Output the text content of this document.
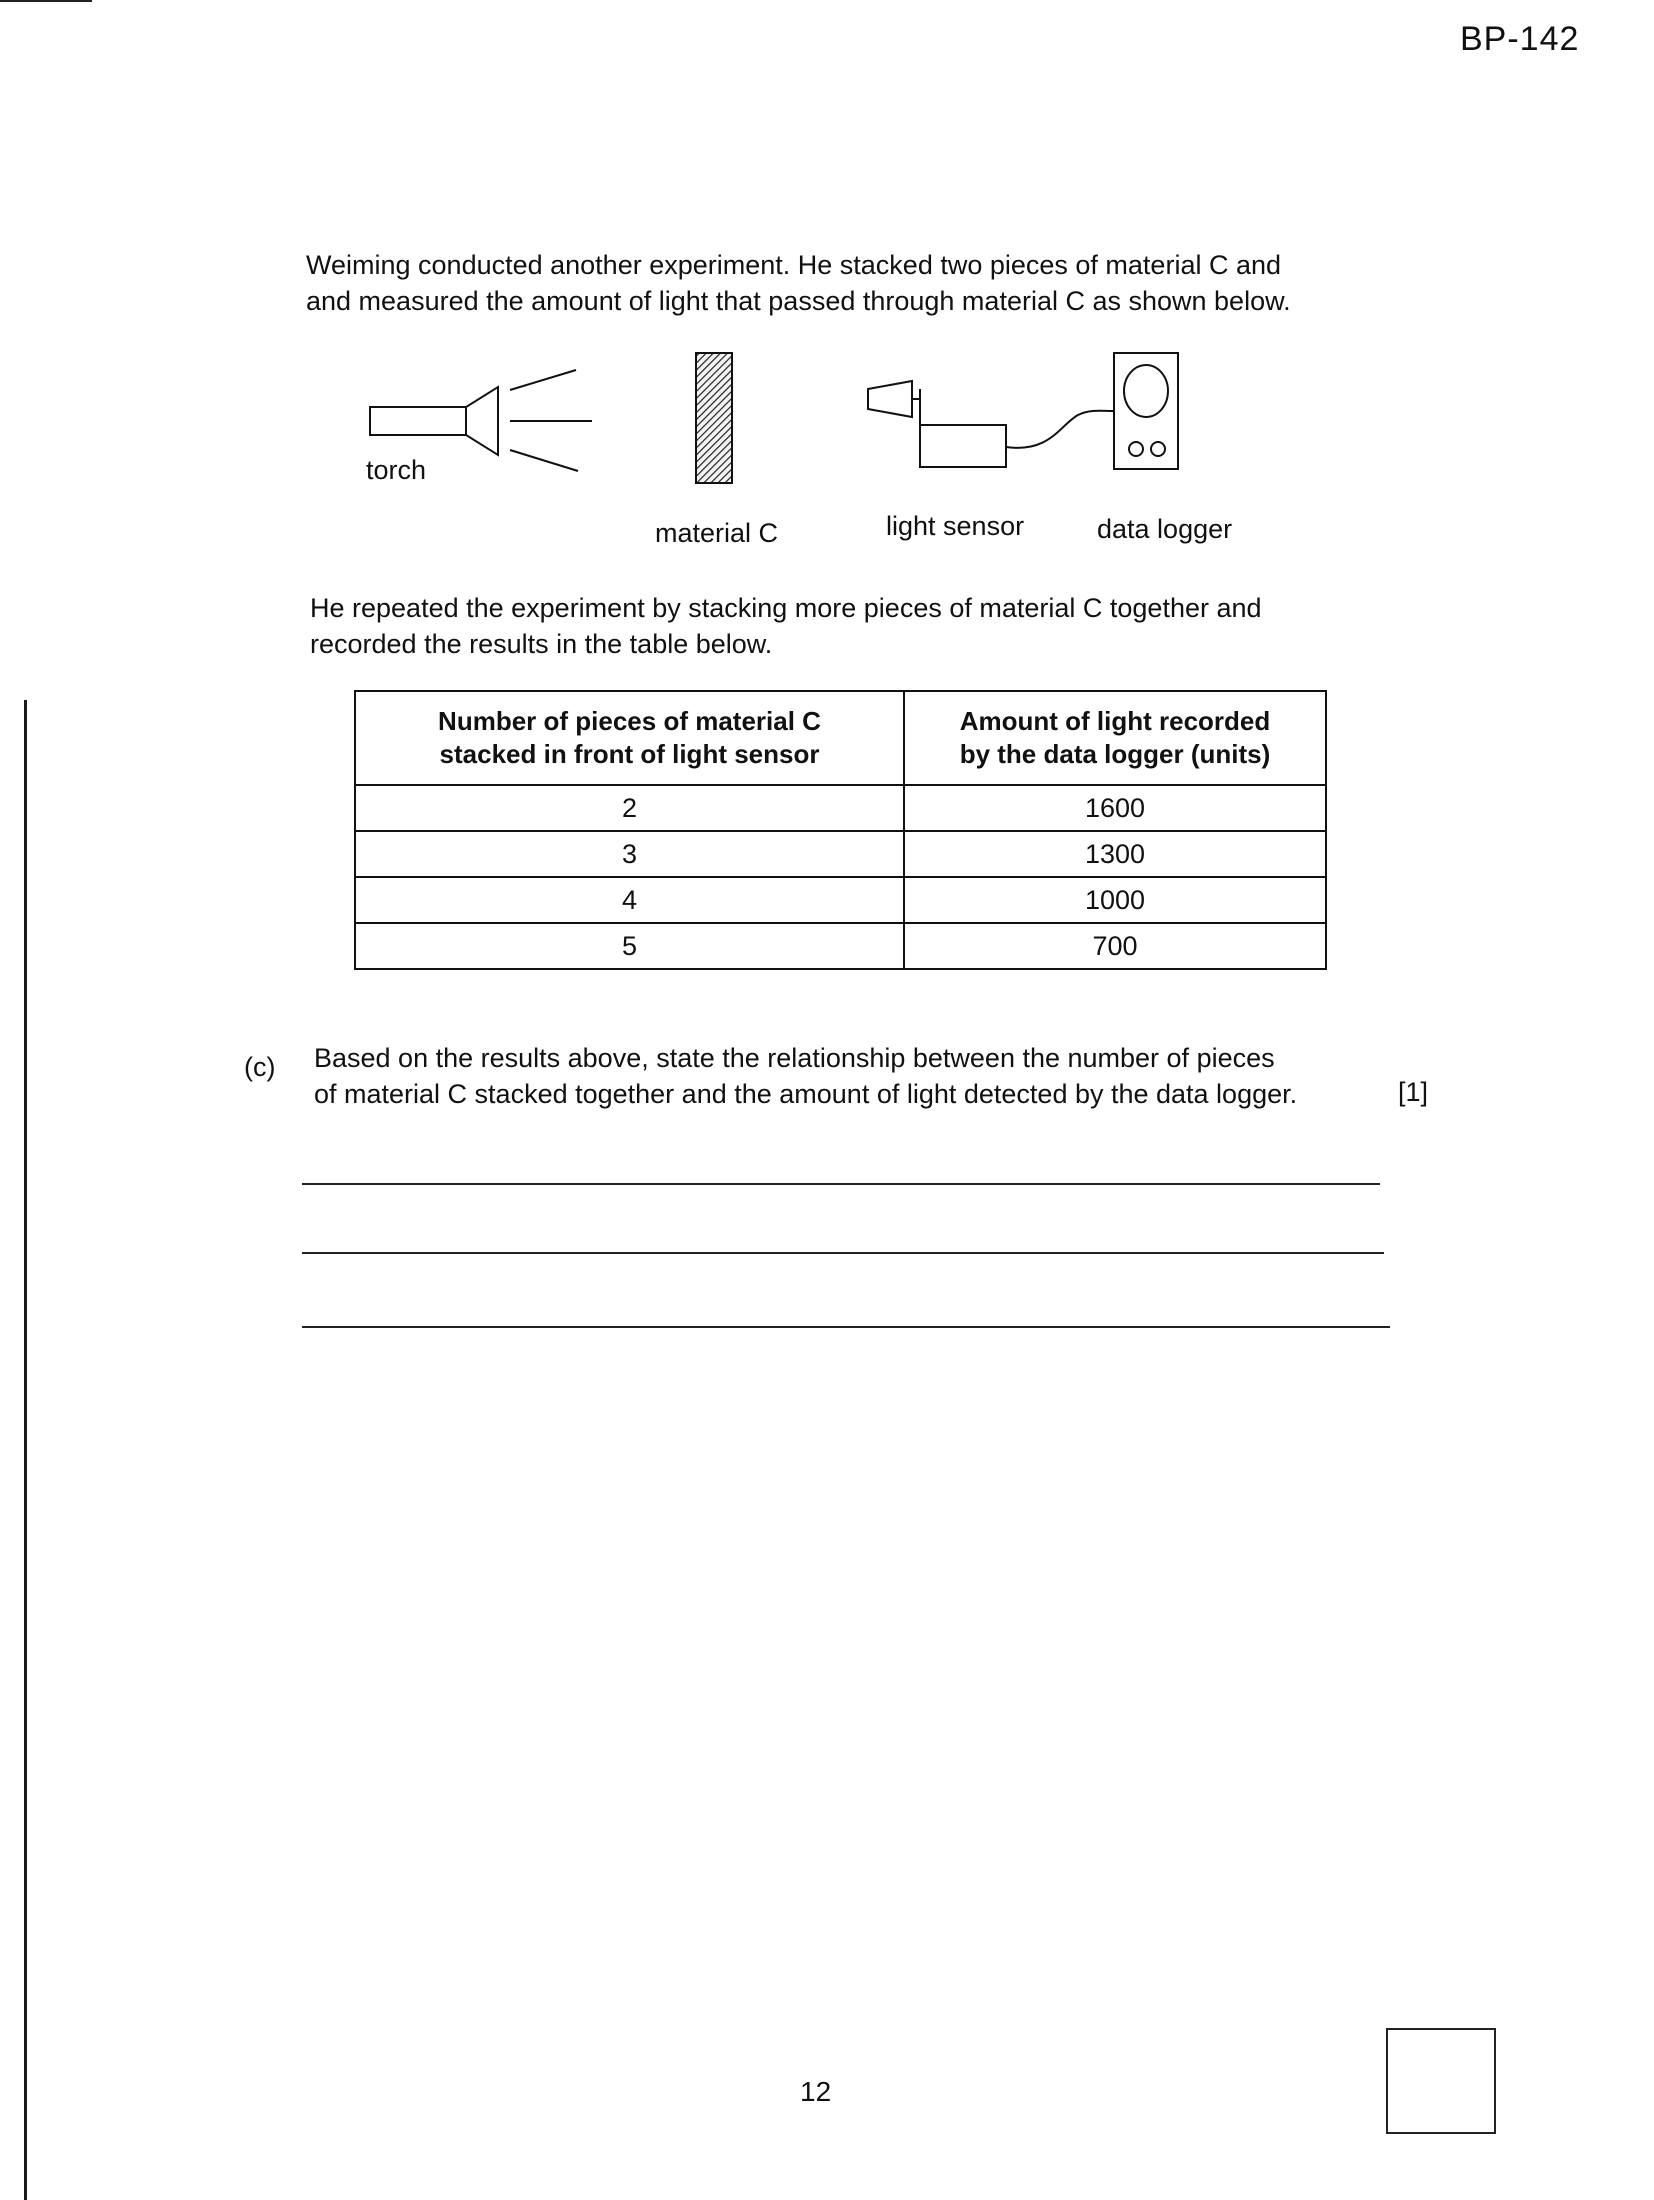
BP-142
Weiming conducted another experiment. He stacked two pieces of material C and
and measured the amount of light that passed through material C as shown below.
torch
material C	light sensor	data logger
He repeated the experiment by stacking more pieces of material C together and
recorded the results in the table below.
Number of pieces of material C
stacked in front of light sensor	Amount of light recorded
by the data logger (units)
2	1600
3	1300
4	1000
5	700
(c) Based on the results above, state the relationship between the number of pieces
of material C stacked together and the amount of light detected by the data logger.	[1]
12
